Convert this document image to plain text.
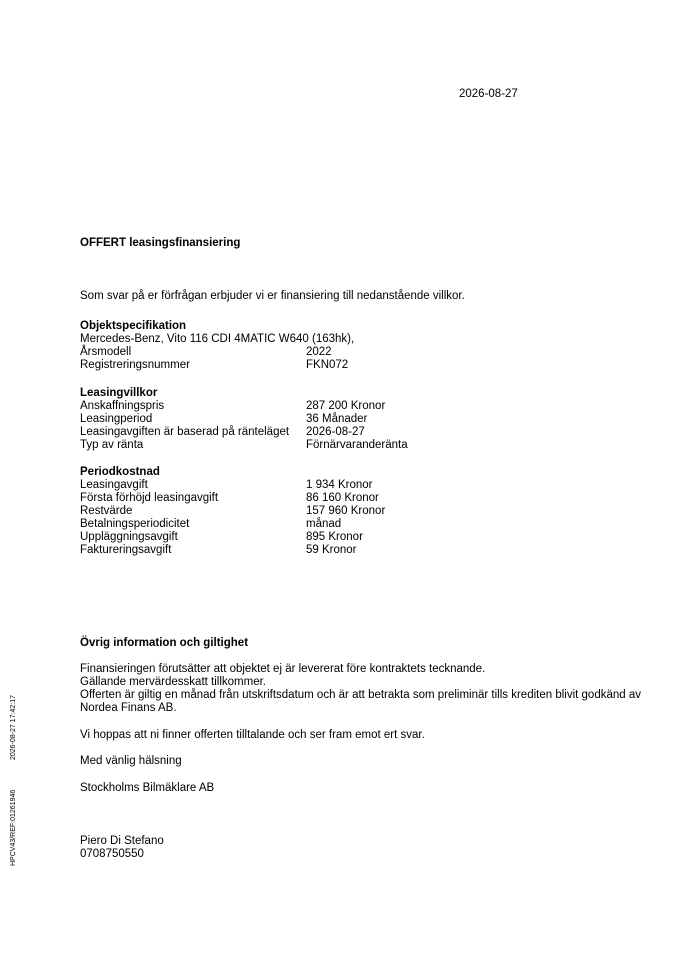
2026-08-27
OFFERT leasingsfinansiering
Som svar på er förfrågan erbjuder vi er finansiering till nedanstående villkor.
Objektspecifikation
Mercedes-Benz, Vito 116 CDI 4MATIC W640 (163hk),
Årsmodell	2022
Registreringsnummer	FKN072
Leasingvillkor
Anskaffningspris	287 200 Kronor
Leasingperiod	36 Månader
Leasingavgiften är baserad på ränteläget 2026-08-27
Typ av ränta	Förnärvaranderänta
Periodkostnad
Leasingavgift	1 934 Kronor
Första förhöjd leasingavgift	86 160 Kronor
Restvärde	157 960 Kronor
Betalningsperiodicitet	månad
Uppläggningsavgift	895 Kronor
Faktureringsavgift	59 Kronor
Övrig information och giltighet
Finansieringen förutsätter att objektet ej är levererat före kontraktets tecknande.
Gällande mervärdesskatt tillkommer.
Offerten är giltig en månad från utskriftsdatum och är att betrakta som preliminär tills krediten blivit godkänd av Nordea Finans AB.
Vi hoppas att ni finner offerten tilltalande och ser fram emot ert svar.
Med vänlig hälsning
Stockholms Bilmäklare AB
Piero Di Stefano
0708750550
HPCV43/REF:01261946
2026-08-27 17:42:17
